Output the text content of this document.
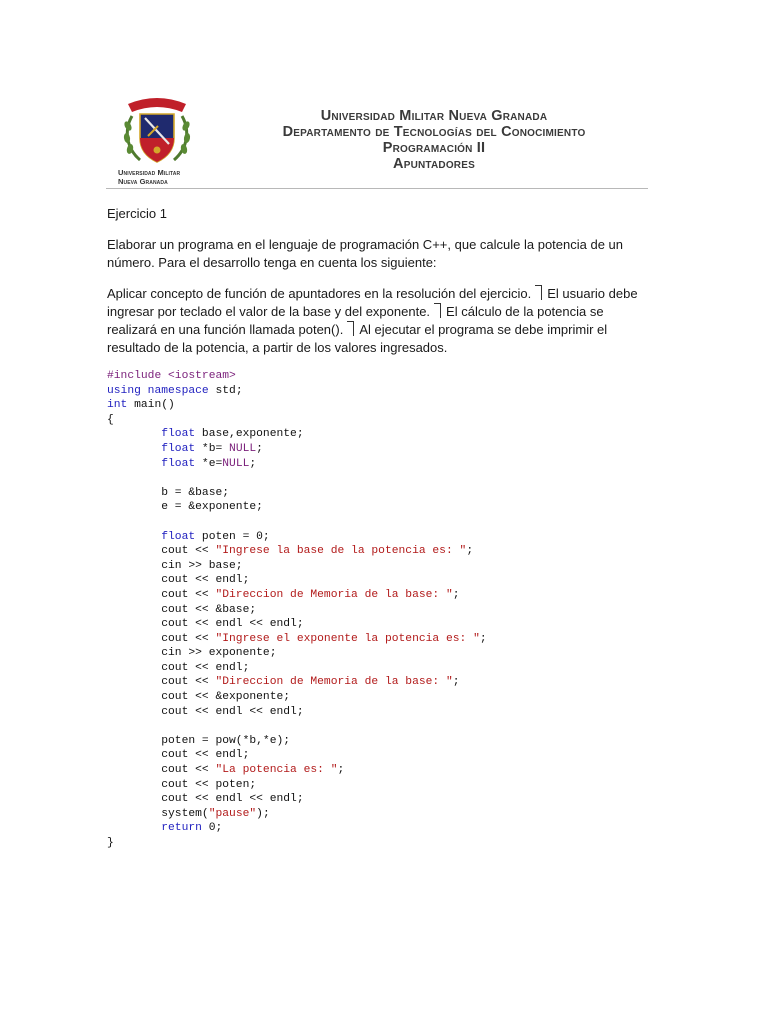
Universidad Militar
Nueva Granada
Universidad Militar Nueva Granada
Departamento de Tecnologías del Conocimiento
Programación II
Apuntadores
Ejercicio 1
Elaborar un programa en el lenguaje de programación C++, que calcule la potencia de un número. Para el desarrollo tenga en cuenta los siguiente:
Aplicar concepto de función de apuntadores en la resolución del ejercicio. El usuario debe ingresar por teclado el valor de la base y del exponente. El cálculo de la potencia se realizará en una función llamada poten(). Al ejecutar el programa se debe imprimir el resultado de la potencia, a partir de los valores ingresados.
#include <iostream>
using namespace std;
int main()
{
float base,exponente;
float *b= NULL;
float *e=NULL;
b = &base;
e = &exponente;
float poten = 0;
cout << "Ingrese la base de la potencia es: ";
cin >> base;
cout << endl;
cout << "Direccion de Memoria de la base: ";
cout << &base;
cout << endl << endl;
cout << "Ingrese el exponente la potencia es: ";
cin >> exponente;
cout << endl;
cout << "Direccion de Memoria de la base: ";
cout << &exponente;
cout << endl << endl;
poten = pow(*b,*e);
cout << endl;
cout << "La potencia es: ";
cout << poten;
cout << endl << endl;
system("pause");
return 0;
}
